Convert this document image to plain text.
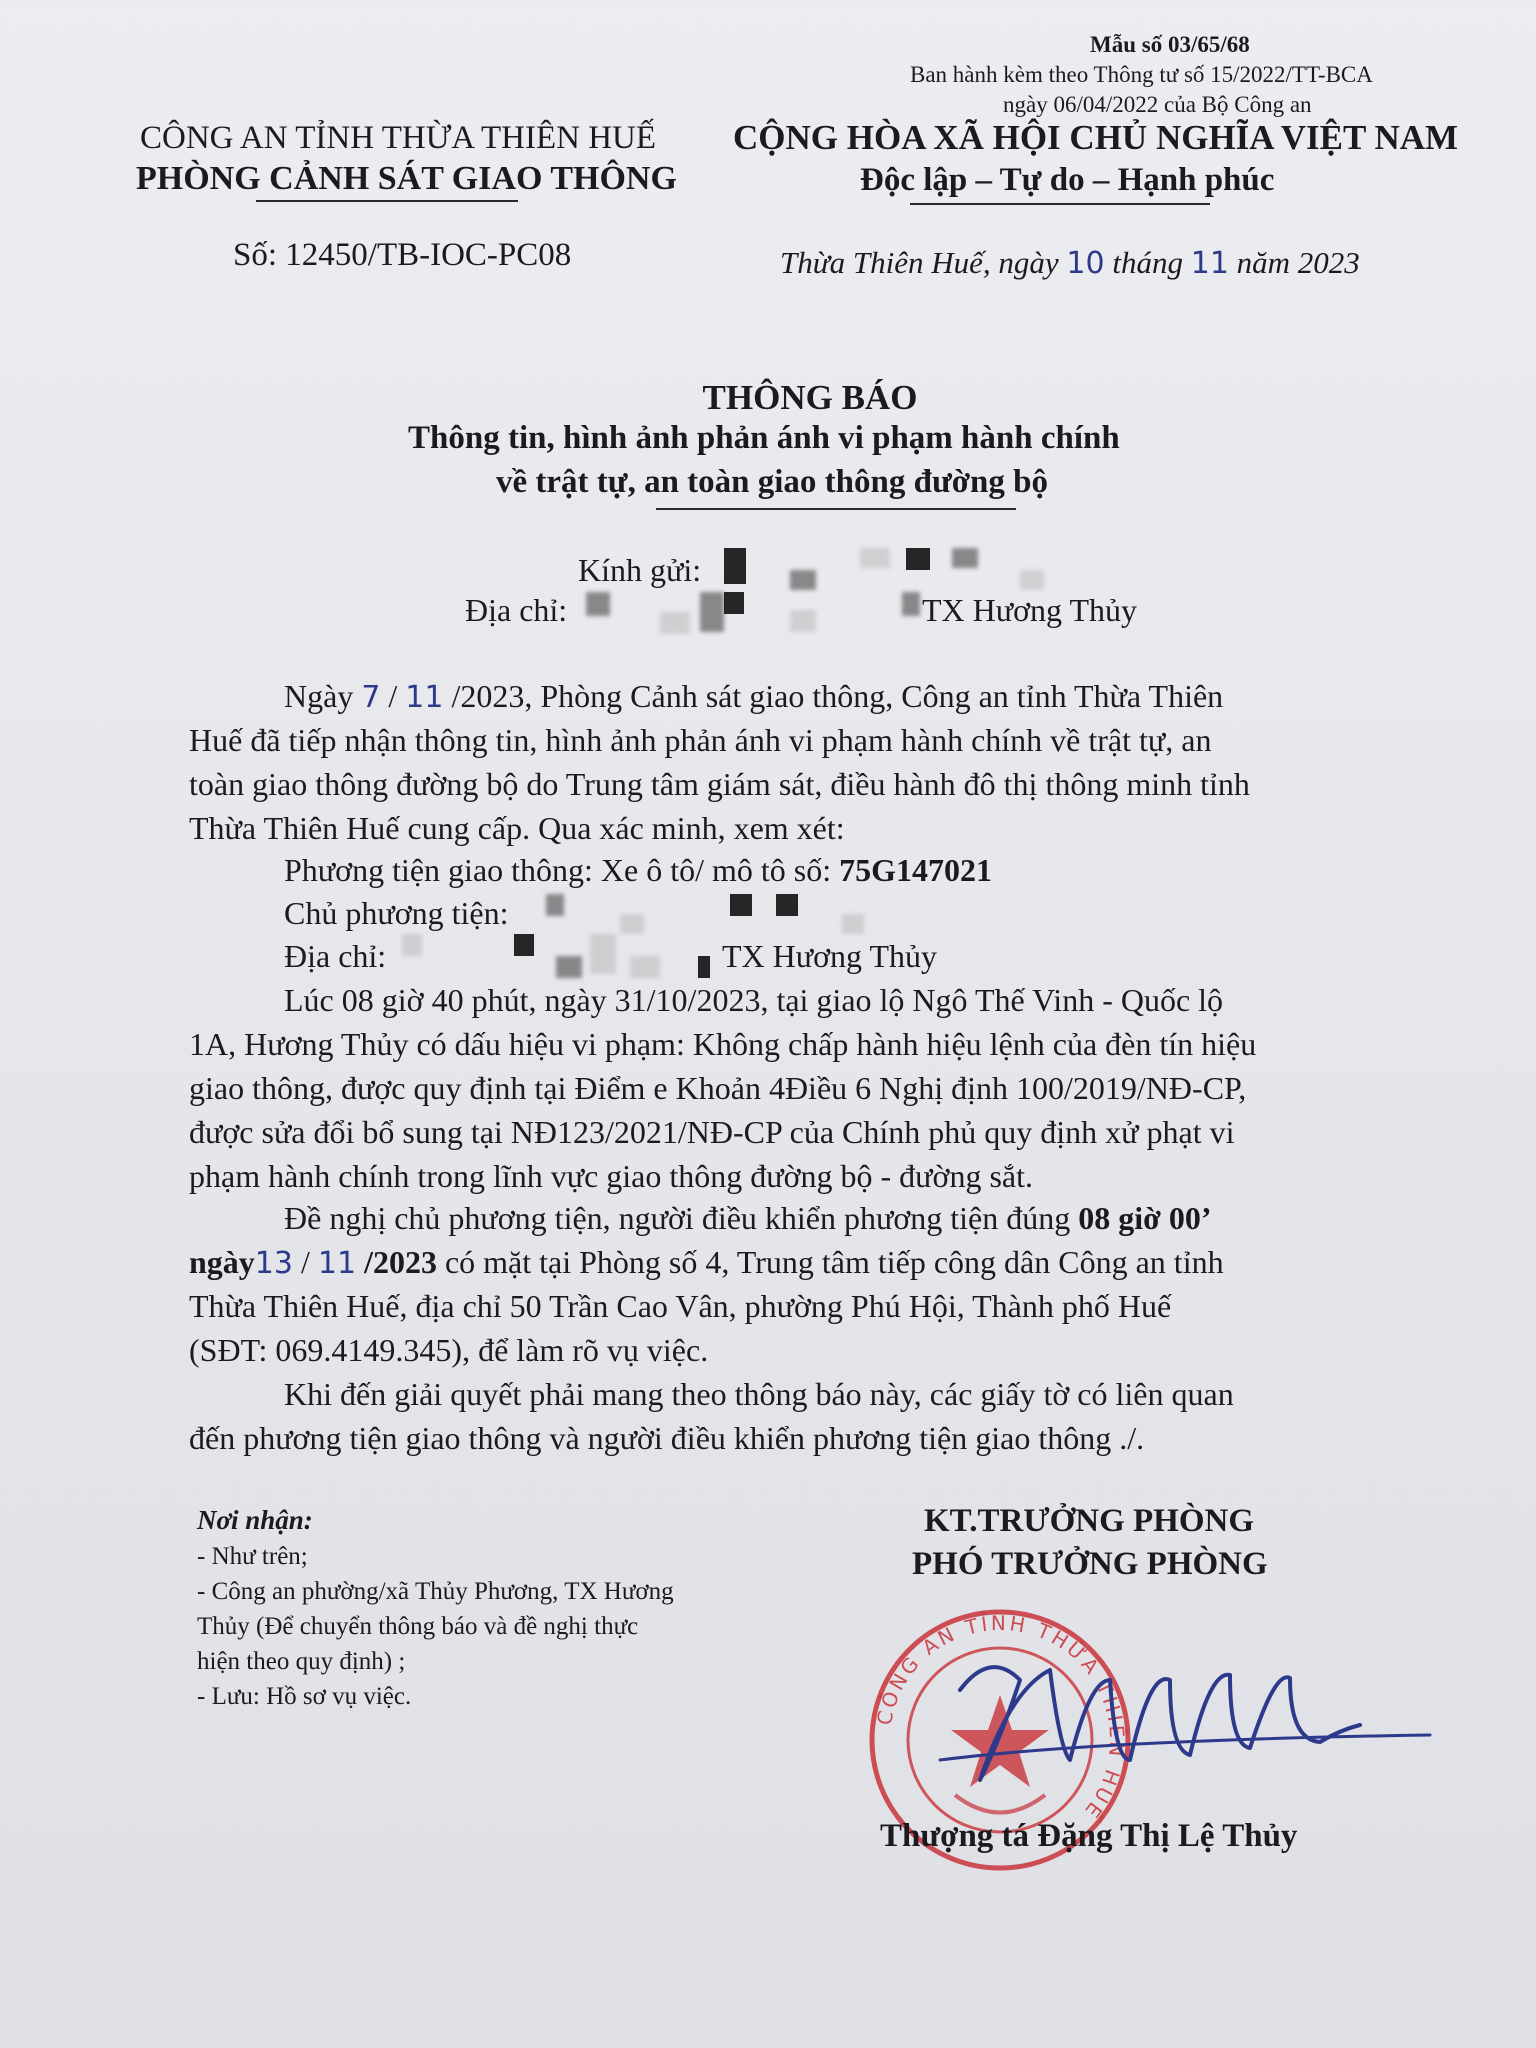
Mẫu số 03/65/68
Ban hành kèm theo Thông tư số 15/2022/TT-BCA
ngày 06/04/2022 của Bộ Công an
CÔNG AN TỈNH THỪA THIÊN HUẾ
PHÒNG CẢNH SÁT GIAO THÔNG
Số: 12450/TB-IOC-PC08
CỘNG HÒA XÃ HỘI CHỦ NGHĨA VIỆT NAM
Độc lập – Tự do – Hạnh phúc
Thừa Thiên Huế, ngày 10 tháng 11 năm 2023
THÔNG BÁO
Thông tin, hình ảnh phản ánh vi phạm hành chính
về trật tự, an toàn giao thông đường bộ
Kính gửi:
Địa chỉ:	TX Hương Thủy
Ngày 7 / 11 /2023, Phòng Cảnh sát giao thông, Công an tỉnh Thừa Thiên
Huế đã tiếp nhận thông tin, hình ảnh phản ánh vi phạm hành chính về trật tự, an
toàn giao thông đường bộ do Trung tâm giám sát, điều hành đô thị thông minh tỉnh
Thừa Thiên Huế cung cấp. Qua xác minh, xem xét:
Phương tiện giao thông: Xe ô tô/ mô tô số: 75G147021
Chủ phương tiện:
Địa chỉ:	TX Hương Thủy
Lúc 08 giờ 40 phút, ngày 31/10/2023, tại giao lộ Ngô Thế Vinh - Quốc lộ
1A, Hương Thủy có dấu hiệu vi phạm: Không chấp hành hiệu lệnh của đèn tín hiệu
giao thông, được quy định tại Điểm e Khoản 4Điều 6 Nghị định 100/2019/NĐ-CP,
được sửa đổi bổ sung tại NĐ123/2021/NĐ-CP của Chính phủ quy định xử phạt vi
phạm hành chính trong lĩnh vực giao thông đường bộ - đường sắt.
Đề nghị chủ phương tiện, người điều khiển phương tiện đúng 08 giờ 00’
ngày13 / 11 /2023 có mặt tại Phòng số 4, Trung tâm tiếp công dân Công an tỉnh
Thừa Thiên Huế, địa chỉ 50 Trần Cao Vân, phường Phú Hội, Thành phố Huế
(SĐT: 069.4149.345), để làm rõ vụ việc.
Khi đến giải quyết phải mang theo thông báo này, các giấy tờ có liên quan
đến phương tiện giao thông và người điều khiển phương tiện giao thông ./.
Nơi nhận:
- Như trên;
- Công an phường/xã Thủy Phương, TX Hương
Thủy (Để chuyển thông báo và đề nghị thực
hiện theo quy định) ;
- Lưu: Hồ sơ vụ việc.
KT.TRƯỞNG PHÒNG
PHÓ TRƯỞNG PHÒNG
CÔNG AN TỈNH THỪA THIÊN HUẾ
Thượng tá Đặng Thị Lệ Thủy
